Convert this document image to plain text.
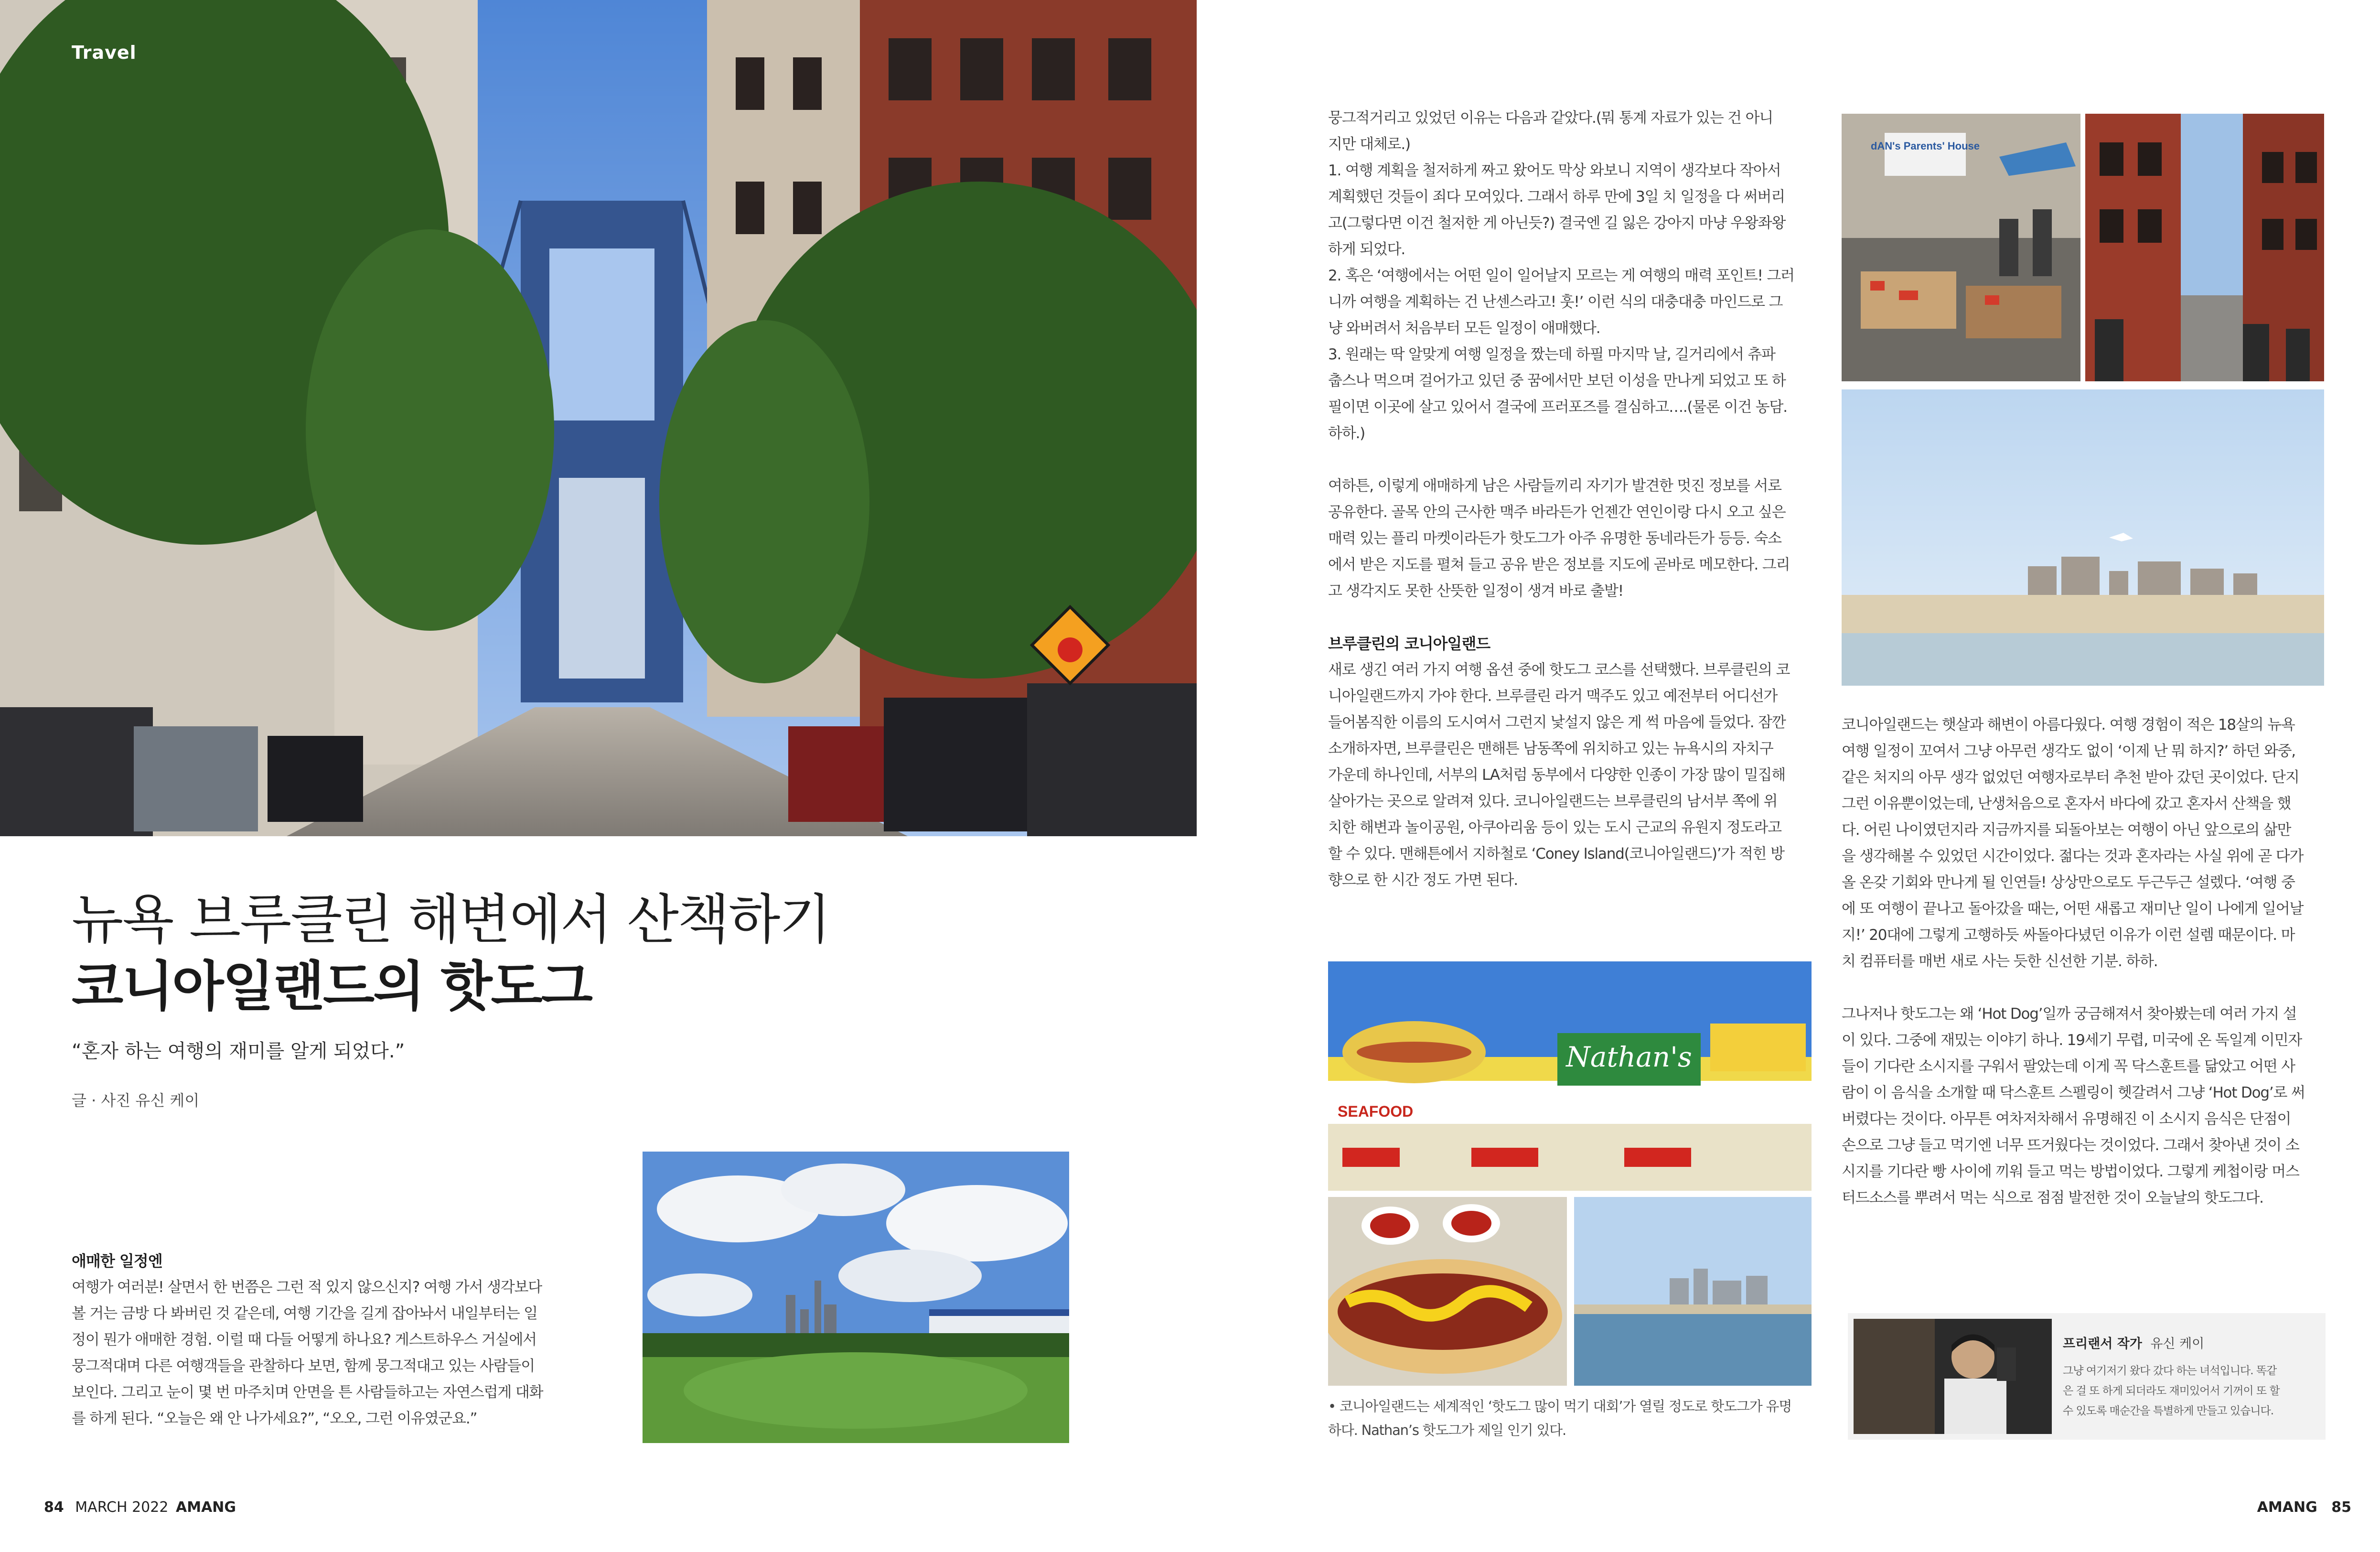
Travel
뉴욕 브루클린 해변에서 산책하기
코니아일랜드의 핫도그
“혼자 하는 여행의 재미를 알게 되었다.”
글 · 사진 유신 케이
애매한 일정엔

여행가 여러분! 살면서 한 번쯤은 그런 적 있지 않으신지? 여행 가서 생각보다

볼 거는 금방 다 봐버린 것 같은데, 여행 기간을 길게 잡아놔서 내일부터는 일

정이 뭔가 애매한 경험. 이럴 때 다들 어떻게 하나요? 게스트하우스 거실에서

뭉그적대며 다른 여행객들을 관찰하다 보면, 함께 뭉그적대고 있는 사람들이

보인다. 그리고 눈이 몇 번 마주치며 안면을 튼 사람들하고는 자연스럽게 대화

를 하게 된다. “오늘은 왜 안 나가세요?”, “오오, 그런 이유였군요.”

84 MARCH 2022 AMANG

뭉그적거리고 있었던 이유는 다음과 같았다.(뭐 통계 자료가 있는 건 아니

지만 대체로.)

1. 여행 계획을 철저하게 짜고 왔어도 막상 와보니 지역이 생각보다 작아서

계획했던 것들이 죄다 모여있다. 그래서 하루 만에 3일 치 일정을 다 써버리

고(그렇다면 이건 철저한 게 아닌듯?) 결국엔 길 잃은 강아지 마냥 우왕좌왕

하게 되었다.

2. 혹은 ‘여행에서는 어떤 일이 일어날지 모르는 게 여행의 매력 포인트! 그러

니까 여행을 계획하는 건 난센스라고! 훗!’ 이런 식의 대충대충 마인드로 그

냥 와버려서 처음부터 모든 일정이 애매했다.

3. 원래는 딱 알맞게 여행 일정을 짰는데 하필 마지막 날, 길거리에서 츄파

춥스나 먹으며 걸어가고 있던 중 꿈에서만 보던 이성을 만나게 되었고 또 하

필이면 이곳에 살고 있어서 결국에 프러포즈를 결심하고….(물론 이건 농담.

하하.)

여하튼, 이렇게 애매하게 남은 사람들끼리 자기가 발견한 멋진 정보를 서로

공유한다. 골목 안의 근사한 맥주 바라든가 언젠간 연인이랑 다시 오고 싶은

매력 있는 플리 마켓이라든가 핫도그가 아주 유명한 동네라든가 등등. 숙소

에서 받은 지도를 펼쳐 들고 공유 받은 정보를 지도에 곧바로 메모한다. 그리

고 생각지도 못한 산뜻한 일정이 생겨 바로 출발!

브루클린의 코니아일랜드

새로 생긴 여러 가지 여행 옵션 중에 핫도그 코스를 선택했다. 브루클린의 코

니아일랜드까지 가야 한다. 브루클린 라거 맥주도 있고 예전부터 어디선가

들어봄직한 이름의 도시여서 그런지 낯설지 않은 게 썩 마음에 들었다. 잠깐

소개하자면, 브루클린은 맨해튼 남동쪽에 위치하고 있는 뉴욕시의 자치구

가운데 하나인데, 서부의 LA처럼 동부에서 다양한 인종이 가장 많이 밀집해

살아가는 곳으로 알려져 있다. 코니아일랜드는 브루클린의 남서부 쪽에 위

치한 해변과 놀이공원, 아쿠아리움 등이 있는 도시 근교의 유원지 정도라고

할 수 있다. 맨해튼에서 지하철로 ‘Coney Island(코니아일랜드)’가 적힌 방

향으로 한 시간 정도 가면 된다.

Nathan's
SEAFOOD
• 코니아일랜드는 세계적인 ‘핫도그 많이 먹기 대회’가 열릴 정도로 핫도그가 유명
하다. Nathan’s 핫도그가 제일 인기 있다.
dAN's Parents' House

코니아일랜드는 햇살과 해변이 아름다웠다. 여행 경험이 적은 18살의 뉴욕

여행 일정이 꼬여서 그냥 아무런 생각도 없이 ‘이제 난 뭐 하지?’ 하던 와중,

같은 처지의 아무 생각 없었던 여행자로부터 추천 받아 갔던 곳이었다. 단지

그런 이유뿐이었는데, 난생처음으로 혼자서 바다에 갔고 혼자서 산책을 했

다. 어린 나이였던지라 지금까지를 되돌아보는 여행이 아닌 앞으로의 삶만

을 생각해볼 수 있었던 시간이었다. 젊다는 것과 혼자라는 사실 위에 곧 다가

올 온갖 기회와 만나게 될 인연들! 상상만으로도 두근두근 설렜다. ‘여행 중

에 또 여행이 끝나고 돌아갔을 때는, 어떤 새롭고 재미난 일이 나에게 일어날

지!’ 20대에 그렇게 고행하듯 싸돌아다녔던 이유가 이런 설렘 때문이다. 마

치 컴퓨터를 매번 새로 사는 듯한 신선한 기분. 하하.

그나저나 핫도그는 왜 ‘Hot Dog’일까 궁금해져서 찾아봤는데 여러 가지 설

이 있다. 그중에 재밌는 이야기 하나. 19세기 무렵, 미국에 온 독일계 이민자

들이 기다란 소시지를 구워서 팔았는데 이게 꼭 닥스훈트를 닮았고 어떤 사

람이 이 음식을 소개할 때 닥스훈트 스펠링이 헷갈려서 그냥 ‘Hot Dog’로 써

버렸다는 것이다. 아무튼 여차저차해서 유명해진 이 소시지 음식은 단점이

손으로 그냥 들고 먹기엔 너무 뜨거웠다는 것이었다. 그래서 찾아낸 것이 소

시지를 기다란 빵 사이에 끼워 들고 먹는 방법이었다. 그렇게 케첩이랑 머스

터드소스를 뿌려서 먹는 식으로 점점 발전한 것이 오늘날의 핫도그다.

프리랜서 작가 유신 케이
그냥 여기저기 왔다 갔다 하는 녀석입니다. 똑같
은 걸 또 하게 되더라도 재미있어서 기꺼이 또 할
수 있도록 매순간을 특별하게 만들고 있습니다.
AMANG 85
